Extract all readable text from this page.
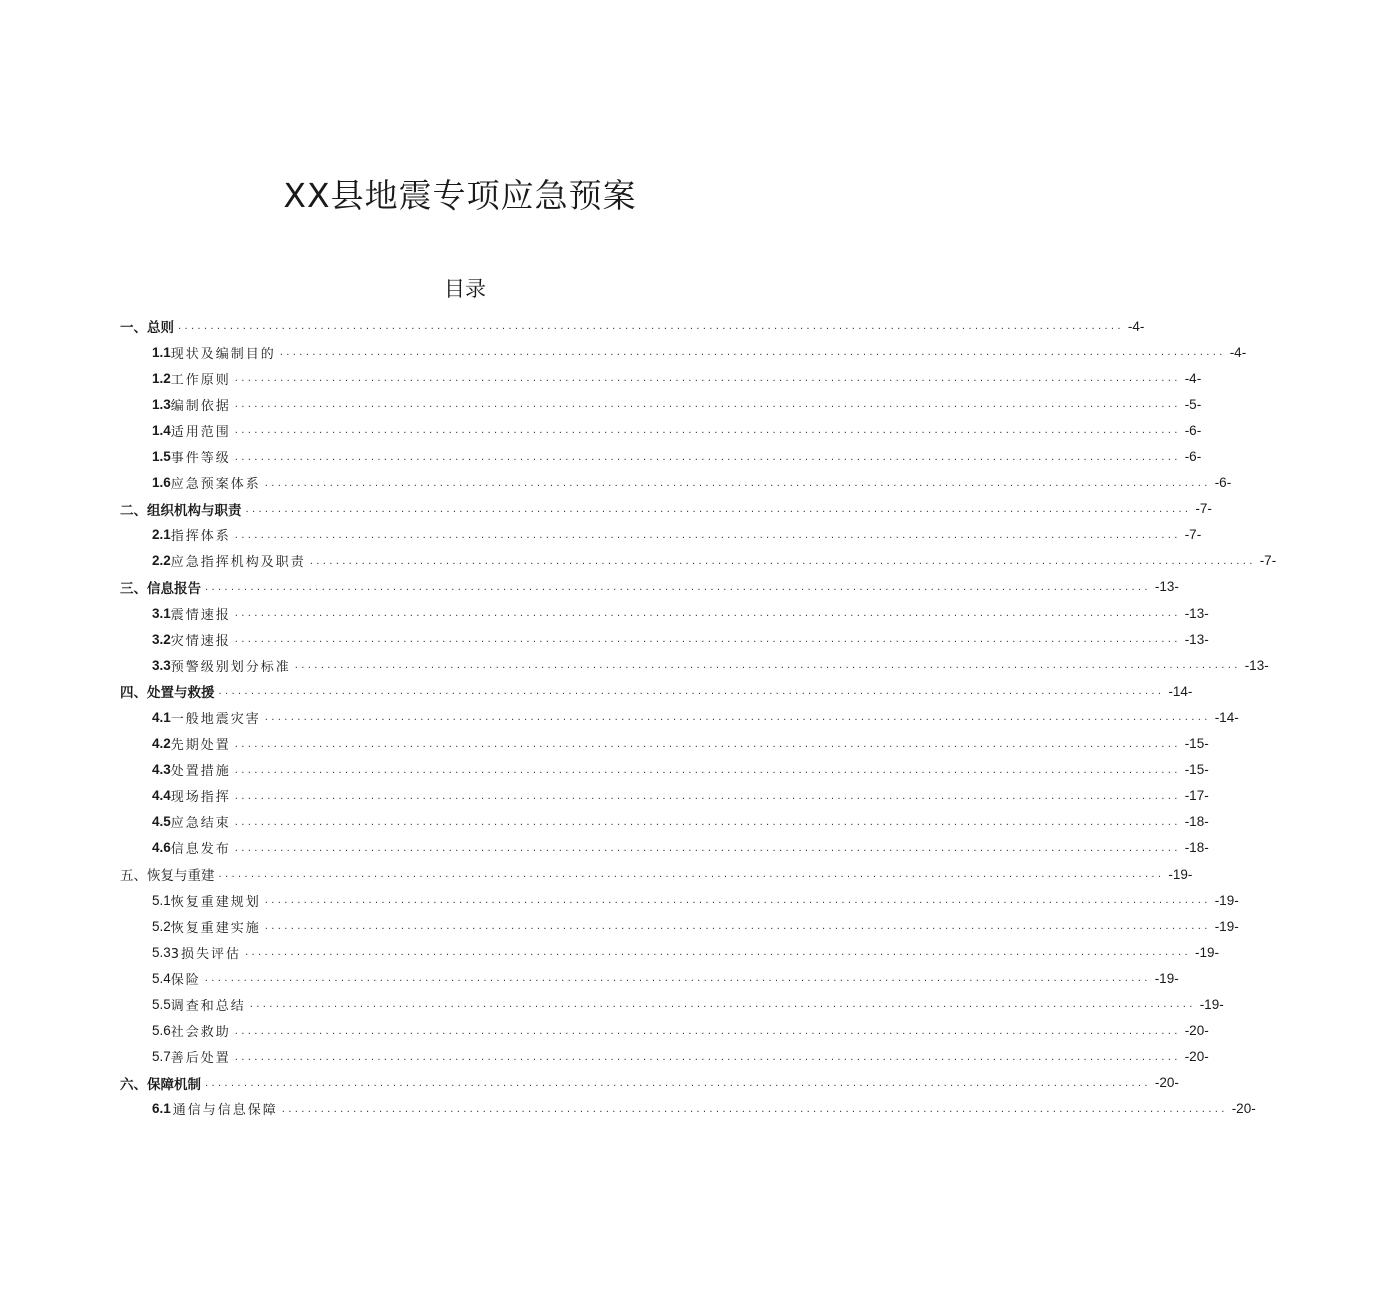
XX县地震专项应急预案
目录
一、总则 .................................................................................................................................................. -4-
1.1 现状及编制目的 .................................................................................................................................................. -4-
1.2 工作原则 .................................................................................................................................................. -4-
1.3 编制依据 .................................................................................................................................................. -5-
1.4 适用范围 .................................................................................................................................................. -6-
1.5 事件等级 .................................................................................................................................................. -6-
1.6 应急预案体系 .................................................................................................................................................. -6-
二、组织机构与职责 .................................................................................................................................................. -7-
2.1 指挥体系 .................................................................................................................................................. -7-
2.2 应急指挥机构及职责 .................................................................................................................................................. -7-
三、信息报告 .................................................................................................................................................. -13-
3.1 震情速报 .................................................................................................................................................. -13-
3.2 灾情速报 .................................................................................................................................................. -13-
3.3 预警级别划分标准 .................................................................................................................................................. -13-
四、处置与救援 .................................................................................................................................................. -14-
4.1 一般地震灾害 .................................................................................................................................................. -14-
4.2 先期处置 .................................................................................................................................................. -15-
4.3 处置措施 .................................................................................................................................................. -15-
4.4 现场指挥 .................................................................................................................................................. -17-
4.5 应急结束 .................................................................................................................................................. -18-
4.6 信息发布 .................................................................................................................................................. -18-
五、恢复与重建 .................................................................................................................................................. -19-
5.1 恢复重建规划 .................................................................................................................................................. -19-
5.2 恢复重建实施 .................................................................................................................................................. -19-
5.3 3损失评估 .................................................................................................................................................. -19-
5.4 保险 .................................................................................................................................................. -19-
5.5 调查和总结 .................................................................................................................................................. -19-
5.6 社会救助 .................................................................................................................................................. -20-
5.7 善后处置 .................................................................................................................................................. -20-
六、保障机制 .................................................................................................................................................. -20-
6.1 通信与信息保障 .................................................................................................................................................. -20-
